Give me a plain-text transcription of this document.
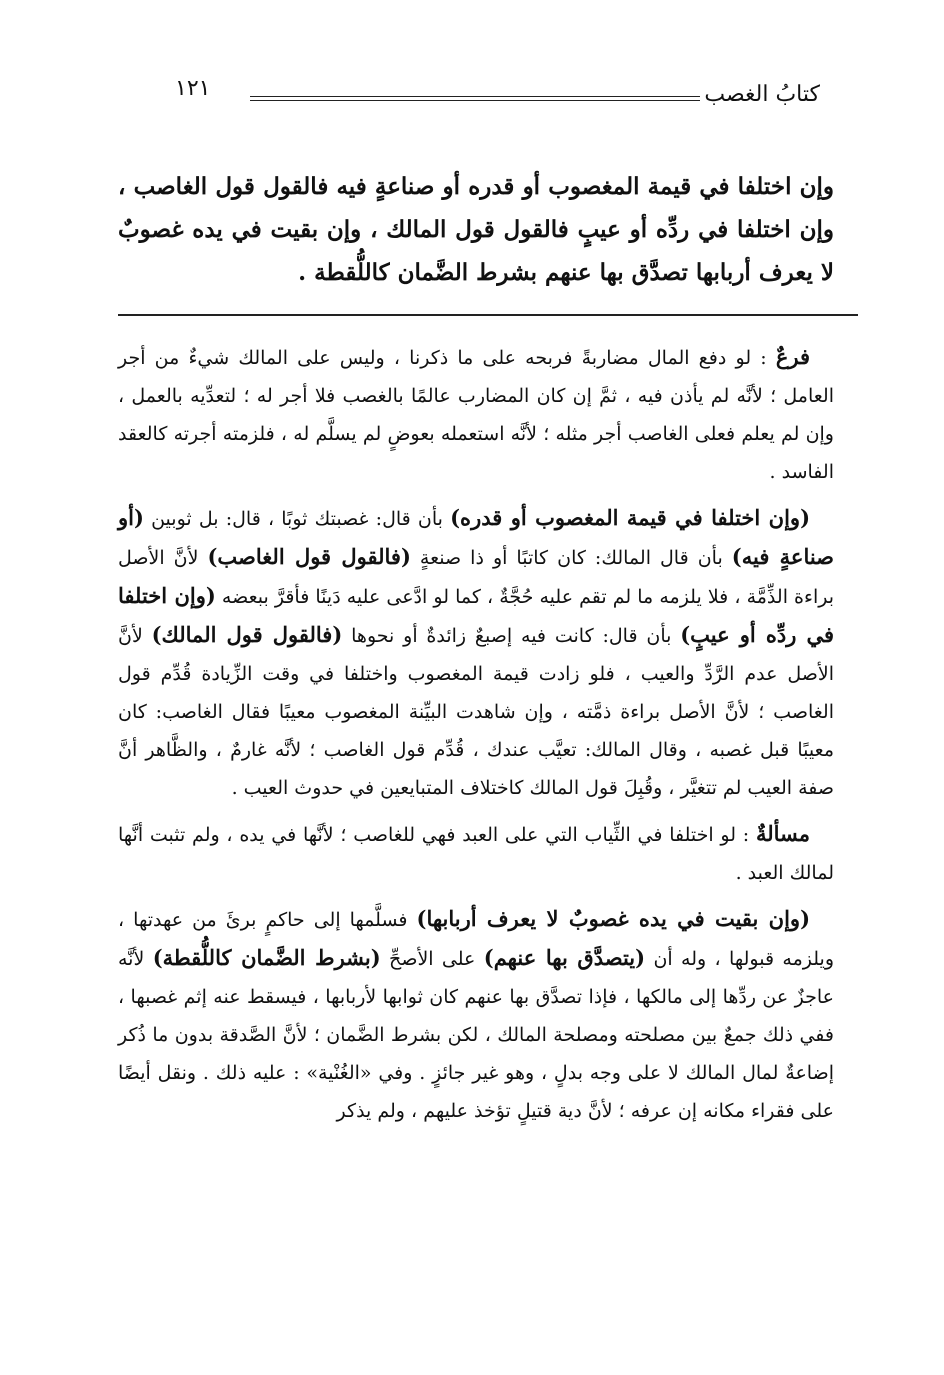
كتابُ الغصب
١٢١
وإن اختلفا في قيمة المغصوب أو قدره أو صناعةٍ فيه فالقول قول الغاصب ، وإن اختلفا في ردِّه أو عيبٍ فالقول قول المالك ، وإن بقيت في يده غصوبٌ لا يعرف أربابها تصدَّق بها عنهم بشرط الضَّمان كاللُّقطة .

فرعٌ : لو دفع المال مضاربةً فربحه على ما ذكرنا ، وليس على المالك شيءٌ من أجر العامل ؛ لأنَّه لم يأذن فيه ، ثمَّ إن كان المضارب عالمًا بالغصب فلا أجر له ؛ لتعدِّيه بالعمل ، وإن لم يعلم فعلى الغاصب أجر مثله ؛ لأنَّه استعمله بعوضٍ لم يسلَّم له ، فلزمته أجرته كالعقد الفاسد .

(وإن اختلفا في قيمة المغصوب أو قدره) بأن قال: غصبتك ثوبًا ، قال: بل ثوبين (أو صناعةٍ فيه) بأن قال المالك: كان كاتبًا أو ذا صنعةٍ (فالقول قول الغاصب) لأنَّ الأصل براءة الذِّمَّة ، فلا يلزمه ما لم تقم عليه حُجَّةٌ ، كما لو ادَّعى عليه دَينًا فأقرَّ ببعضه (وإن اختلفا في ردِّه أو عيبٍ) بأن قال: كانت فيه إصبعٌ زائدةٌ أو نحوها (فالقول قول المالك) لأنَّ الأصل عدم الرَّدِّ والعيب ، فلو زادت قيمة المغصوب واختلفا في وقت الزِّيادة قُدِّم قول الغاصب ؛ لأنَّ الأصل براءة ذمَّته ، وإن شاهدت البيِّنة المغصوب معيبًا فقال الغاصب: كان معيبًا قبل غصبه ، وقال المالك: تعيَّب عندك ، قُدِّم قول الغاصب ؛ لأنَّه غارمٌ ، والظَّاهر أنَّ صفة العيب لم تتغيَّر ، وقُبِلَ قول المالك كاختلاف المتبايعين في حدوث العيب .

مسألةٌ : لو اختلفا في الثِّياب التي على العبد فهي للغاصب ؛ لأنَّها في يده ، ولم تثبت أنَّها لمالك العبد .

(وإن بقيت في يده غصوبٌ لا يعرف أربابها) فسلَّمها إلى حاكمٍ برئَ من عهدتها ، ويلزمه قبولها ، وله أن (يتصدَّق بها عنهم) على الأصحِّ (بشرط الضَّمان كاللُّقطة) لأنَّه عاجزٌ عن ردِّها إلى مالكها ، فإذا تصدَّق بها عنهم كان ثوابها لأربابها ، فيسقط عنه إثم غصبها ، ففي ذلك جمعٌ بين مصلحته ومصلحة المالك ، لكن بشرط الضَّمان ؛ لأنَّ الصَّدقة بدون ما ذُكر إضاعةٌ لمال المالك لا على وجه بدلٍ ، وهو غير جائزٍ . وفي «الغُنْية» : عليه ذلك . ونقل أيضًا على فقراء مكانه إن عرفه ؛ لأنَّ دية قتيلٍ تؤخذ عليهم ، ولم يذكر
